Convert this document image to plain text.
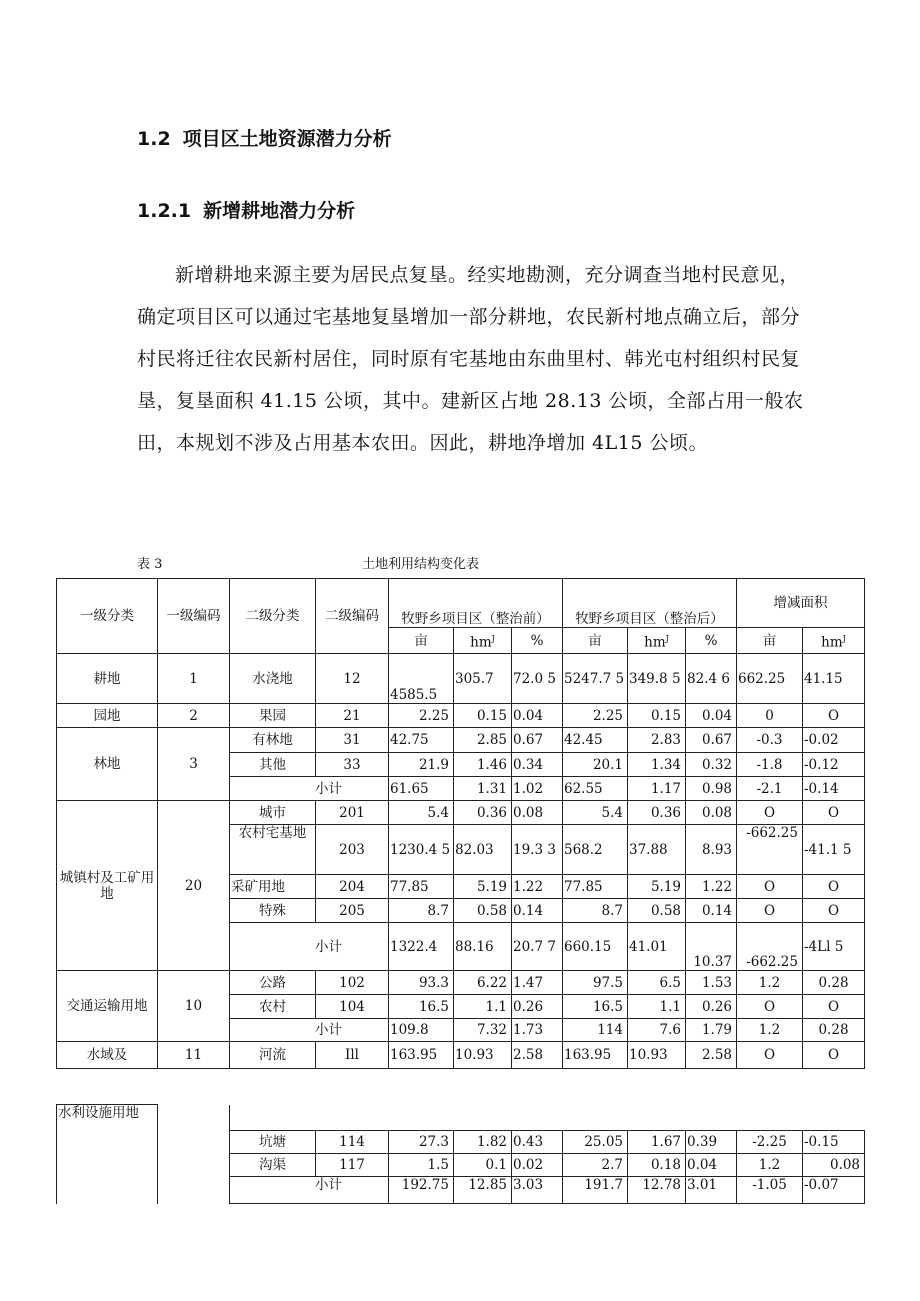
1.2 项目区土地资源潜力分析
1.2.1 新增耕地潜力分析
新增耕地来源主要为居民点复垦。经实地勘测，充分调查当地村民意见，
确定项目区可以通过宅基地复垦增加一部分耕地，农民新村地点确立后，部分
村民将迁往农民新村居住，同时原有宅基地由东曲里村、韩光屯村组织村民复
垦，复垦面积 41.15 公顷，其中。建新区占地 28.13 公顷，全部占用一般农
田，本规划不涉及占用基本农田。因此，耕地净增加 4L15 公顷。
表 3	土地利用结构变化表
一级分类	一级编码	二级分类	二级编码	牧野乡项目区（整治前）			牧野乡项目区（整治后）			增减面积	
				亩	$hm^J$	%	亩	$hm^J$	%	亩	$hm^J$
耕地	1	水浇地	12	4585.5	305.7	72.0 5	5247.7 5	349.8 5	82.4 6	662.25	41.15
园地	2	果园	21	2.25	0.15	0.04	2.25	0.15	0.04	0	O
林地	3	有林地	31	42.75	2.85	0.67	42.45	2.83	0.67	-0.3	-0.02
		其他	33	21.9	1.46	0.34	20.1	1.34	0.32	-1.8	-0.12
		小计		61.65	1.31	1.02	62.55	1.17	0.98	-2.1	-0.14
城镇村及工矿用地	20	城市	201	5.4	0.36	0.08	5.4	0.36	0.08	O	O
		农村宅基地	203	1230.4 5	82.03	19.3 3	568.2	37.88	8.93	-662.25	-41.1 5
		采矿用地	204	77.85	5.19	1.22	77.85	5.19	1.22	O	O
		特殊	205	8.7	0.58	0.14	8.7	0.58	0.14	O	O
		小计		1322.4	88.16	20.7 7	660.15	41.01	10.37	-662.25	-4Ll 5
交通运输用地	10	公路	102	93.3	6.22	1.47	97.5	6.5	1.53	1.2	0.28
		农村	104	16.5	1.1	0.26	16.5	1.1	0.26	O	O
		小计		109.8	7.32	1.73	114	7.6	1.79	1.2	0.28
水域及	11	河流	Ill	163.95	10.93	2.58	163.95	10.93	2.58	O	O
水利设施用地											
		坑塘	114	27.3	1.82	0.43	25.05	1.67	0.39	-2.25	-0.15
		沟渠	117	1.5	0.1	0.02	2.7	0.18	0.04	1.2	0.08
		小计		192.75	12.85	3.03	191.7	12.78	3.01	-1.05	-0.07
